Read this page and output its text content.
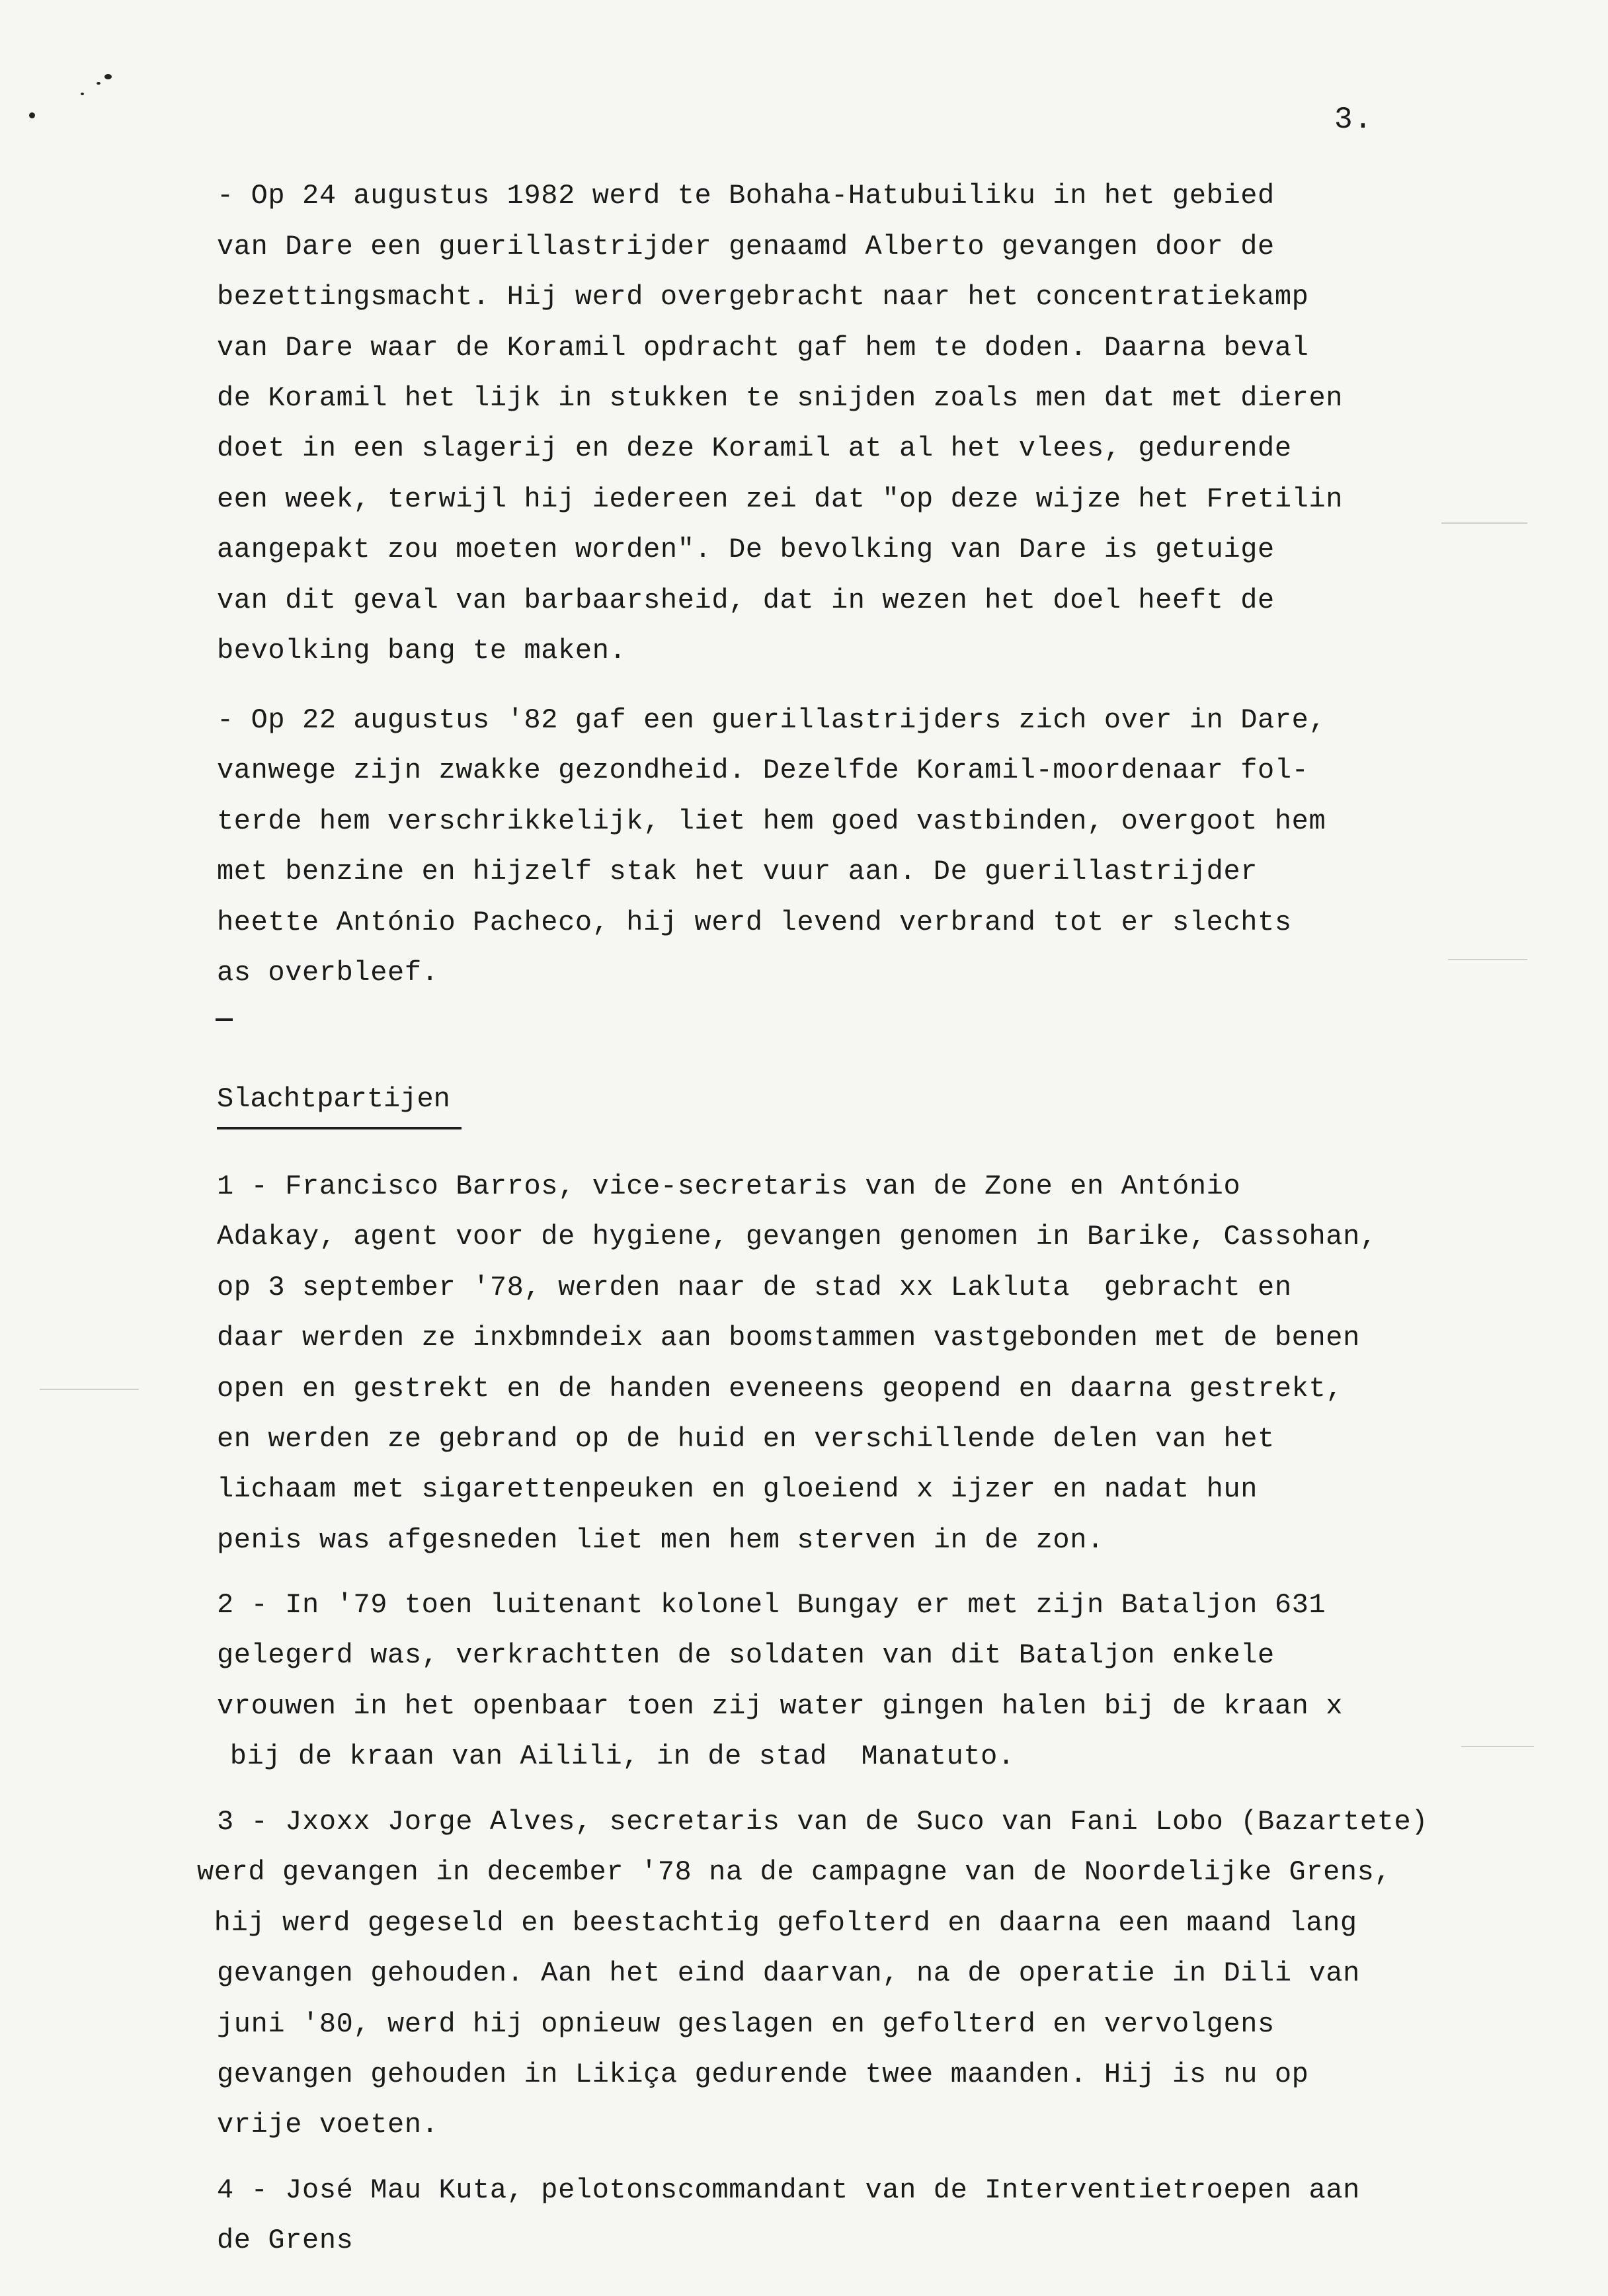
3.
- Op 24 augustus 1982 werd te Bohaha-Hatubuiliku in het gebied
van Dare een guerillastrijder genaamd Alberto gevangen door de
bezettingsmacht. Hij werd overgebracht naar het concentratiekamp
van Dare waar de Koramil opdracht gaf hem te doden. Daarna beval
de Koramil het lijk in stukken te snijden zoals men dat met dieren
doet in een slagerij en deze Koramil at al het vlees, gedurende
een week, terwijl hij iedereen zei dat "op deze wijze het Fretilin
aangepakt zou moeten worden". De bevolking van Dare is getuige
van dit geval van barbaarsheid, dat in wezen het doel heeft de
bevolking bang te maken.
- Op 22 augustus '82 gaf een guerillastrijders zich over in Dare,
vanwege zijn zwakke gezondheid. Dezelfde Koramil-moordenaar fol-
terde hem verschrikkelijk, liet hem goed vastbinden, overgoot hem
met benzine en hijzelf stak het vuur aan. De guerillastrijder
heette António Pacheco, hij werd levend verbrand tot er slechts
as overbleef.
Slachtpartijen
1 - Francisco Barros, vice-secretaris van de Zone en António
Adakay, agent voor de hygiene, gevangen genomen in Barike, Cassohan,
op 3 september '78, werden naar de stad xx Lakluta  gebracht en
daar werden ze inxbmndeix aan boomstammen vastgebonden met de benen
open en gestrekt en de handen eveneens geopend en daarna gestrekt,
en werden ze gebrand op de huid en verschillende delen van het
lichaam met sigarettenpeuken en gloeiend x ijzer en nadat hun
penis was afgesneden liet men hem sterven in de zon.
2 - In '79 toen luitenant kolonel Bungay er met zijn Bataljon 631
gelegerd was, verkrachtten de soldaten van dit Bataljon enkele
vrouwen in het openbaar toen zij water gingen halen bij de kraan x
bij de kraan van Ailili, in de stad  Manatuto.
3 - Jxoxx Jorge Alves, secretaris van de Suco van Fani Lobo (Bazartete)
werd gevangen in december '78 na de campagne van de Noordelijke Grens,
hij werd gegeseld en beestachtig gefolterd en daarna een maand lang
gevangen gehouden. Aan het eind daarvan, na de operatie in Dili van
juni '80, werd hij opnieuw geslagen en gefolterd en vervolgens
gevangen gehouden in Likiça gedurende twee maanden. Hij is nu op
vrije voeten.
4 - José Mau Kuta, pelotonscommandant van de Interventietroepen aan
de Grens
